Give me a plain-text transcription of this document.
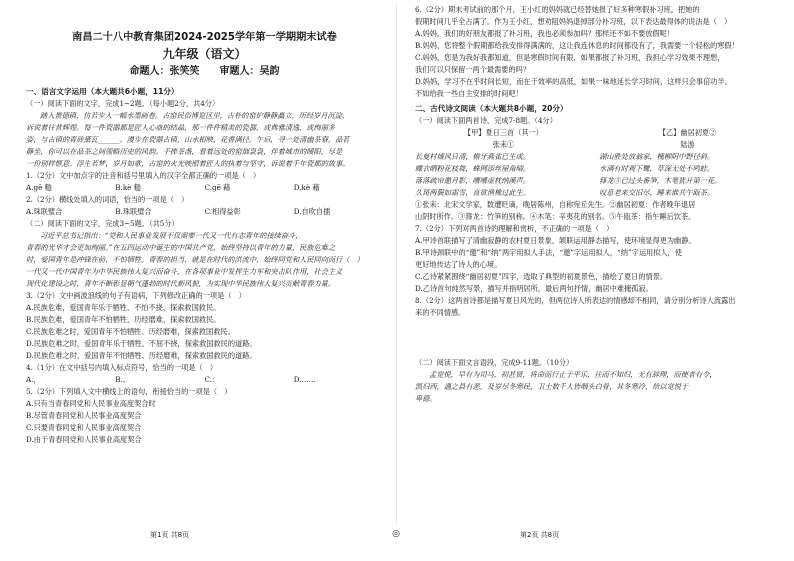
南昌二十八中教育集团2024-2025学年第一学期期末试卷

九年级（语文）

命题人：张笑笑　　审题人：吴韵

一、语言文字运用（本大题共6小题，11分）

（一）阅读下面的文字，完成1~2题。（每小题2分，共4分）

踏入景德镇，仿若步入一幅水墨画卷。古窑民俗博览区里，古朴的窑炉静静矗立，历经岁月沉淀，

诉说着往昔辉煌。每一件瓷器都是匠人心血的结晶，那一件件精美的瓷器，或典雅清逸，或绚丽多

姿，与古镇的青砖黛瓦______。漫步在瓷器古镇，山水相映，花香满径。午后，寻一处清幽茶寮，品茗

静坐，你可以在品茶之间领略历史的风韵。手捧茶盏，看着远处的窑烟袅袅，伴着城市的暖阳，尽是

一份别样惬意。浮生若梦，岁月如歌，古窑的火光映照着匠人的执着与坚守，诉说着千年瓷都的故事。

1.（2分）文中加点字的注音和括号里填入的汉字全都正确的一项是（　）

A.gē 糙	B.kè 糙	C.gē 藉	D.kè 藉

2.（2分）横线处填入的词语，恰当的一项是（　）

A.珠联璧合	B.珠联璧合	C.相得益彰	D.自吹自擂

（二）阅读下面的文字，完成3~5题。（共5分）

习近平总书记指出：“党和人民事业发展不仅需要一代又一代有志青年的接续奋斗，

青春的光华才会更加绚丽。”在五四运动中诞生的中国共产党，始终坚持以青年的力量，民族危难之

时，爱国青年是冲锋在前、不怕牺牲。青春的担当，就是在时代的洪流中，始终同党和人民同向而行（　）

一代又一代中国青年为中华民族伟大复兴而奋斗，在各项事业中发挥生力军和突击队作用，社会主义

现代化建设之时，青年不断彰显朝气蓬勃的时代新风貌，为实现中华民族伟大复兴贡献青春力量。

3.（2分）文中画波浪线的句子有语病，下列修改正确的一项是（　）

A.民族危难，爱国青年乐于牺牲、不怕不挠，探索救国救民。

B.民族危难，爱国青年不怕牺牲、历经磨难，探索救国救民。

C.民族危难之时，爱国青年不怕牺牲、历经磨难，探索救国救民。

D.民族危难之时，爱国青年乐于牺牲、不屈不挠，探索救国救民的道路。

D.民族危难之时，爱国青年不怕牺牲、历经磨难，探索救国救民的道路。

4.（1分）在文中括号内填入标点符号，恰当的一项是（　）

A.，	B.。	C.：	D.……

5.（2分）下列填入文中横线上的语句，衔接恰当的一项是（　）

A.只有当青春同党和人民事业高度契合时

B.尽管青春同党和人民事业高度契合

C.只要青春同党和人民事业高度契合

D.由于青春同党和人民事业高度契合

6.（2分）期末考试前的那个月，王小红的妈妈就已经替她报了好多种寒假补习班，把她的

假期时间几乎全占满了。作为王小红，想劝阻妈妈退掉部分补习班，以下表达最得体的说法是（　）

A.妈妈，我们的好朋友都报了补习班，我也必须参加吗？那样还不如不要放假呢！

B.妈妈，您将整个假期都给我安排得满满的，这让我连休息的时间都没有了，我需要一个轻松的寒假！

C.妈妈，您是为我好我都知道，但是寒假时间有限，如果都报了补习班，我担心学习效果不理想，

我们可以只保留一两个最需要的吗？

D.妈妈，学习不在乎时间长短，而在于效率的高低，如果一味地延长学习时间，这样只会事倍功半，

不如给我一些自主安排的时间吧！

二、古代诗文阅读（本大题共8小题，20分）

（一）阅读下面两首诗，完成7-8题。（4分）

【甲】夏日三首（其一）

张耒①

长夏村墟风日清，檐牙燕雀已生成。

蝶衣晒粉花枝舞，蛛网添丝屋角晴。

落落疏帘邀月影，嘈嘈虚枕纳溪声。

久斑两鬓如霜雪，直欲渔樵过此生。

【乙】幽居初夏②

陆游

湖山胜处放翁家，槐柳阴中野径斜。

水满有时观下鹭，草深无处不鸣蛙。

箨龙③已过头番笋，木笔犹开第一花。

叹息老来交旧尽，睡来谁共午瓯茶。

①张耒：北宋文学家，数遭贬谪，晚居陈州，自称宛丘先生。②幽居初夏：作者晚年退居

山阴时所作。③箨龙：竹笋的别称。④木笔：辛夷花的别名。⑤午瓯茶：指午睡后饮茶。

7.（2分）下列对两首诗的理解和赏析，不正确的一项是（　）

A.甲诗首联描写了清幽寂静的农村夏日景象，颔联运用静态描写，使环境显得更为幽静。

B.甲诗颈联中的“邀”和“纳”两字用拟人手法，“邀”字运用拟人，“纳”字运用拟人，使

更好地传达了诗人的心境。

C.乙诗紧紧围绕“幽居初夏”四字，选取了典型的初夏景色，描绘了夏日的情景。

D.乙诗首句纯然写景，描写并指明居所，最后两句抒情，幽居中难掩孤寂。

8.（2分）这两首诗都是描写夏日风光的，但两位诗人所表达的情感却不相同，请分别分析诗人流露出

来的不同情感。

（二）阅读下面文言语段，完成9-11题。（10分）

孟宽悦，早有为司马，初甚贤，将命而行止于平乐，往而不知归，无有辞理，而使者有令，

凯归西，遇之县有恶，及岁尽冬寒民，卫士数千人皆咽头白骨，其冬寒冷，给以宽悦于

卑德。

第1页 共8页	◎	第2页 共8页
